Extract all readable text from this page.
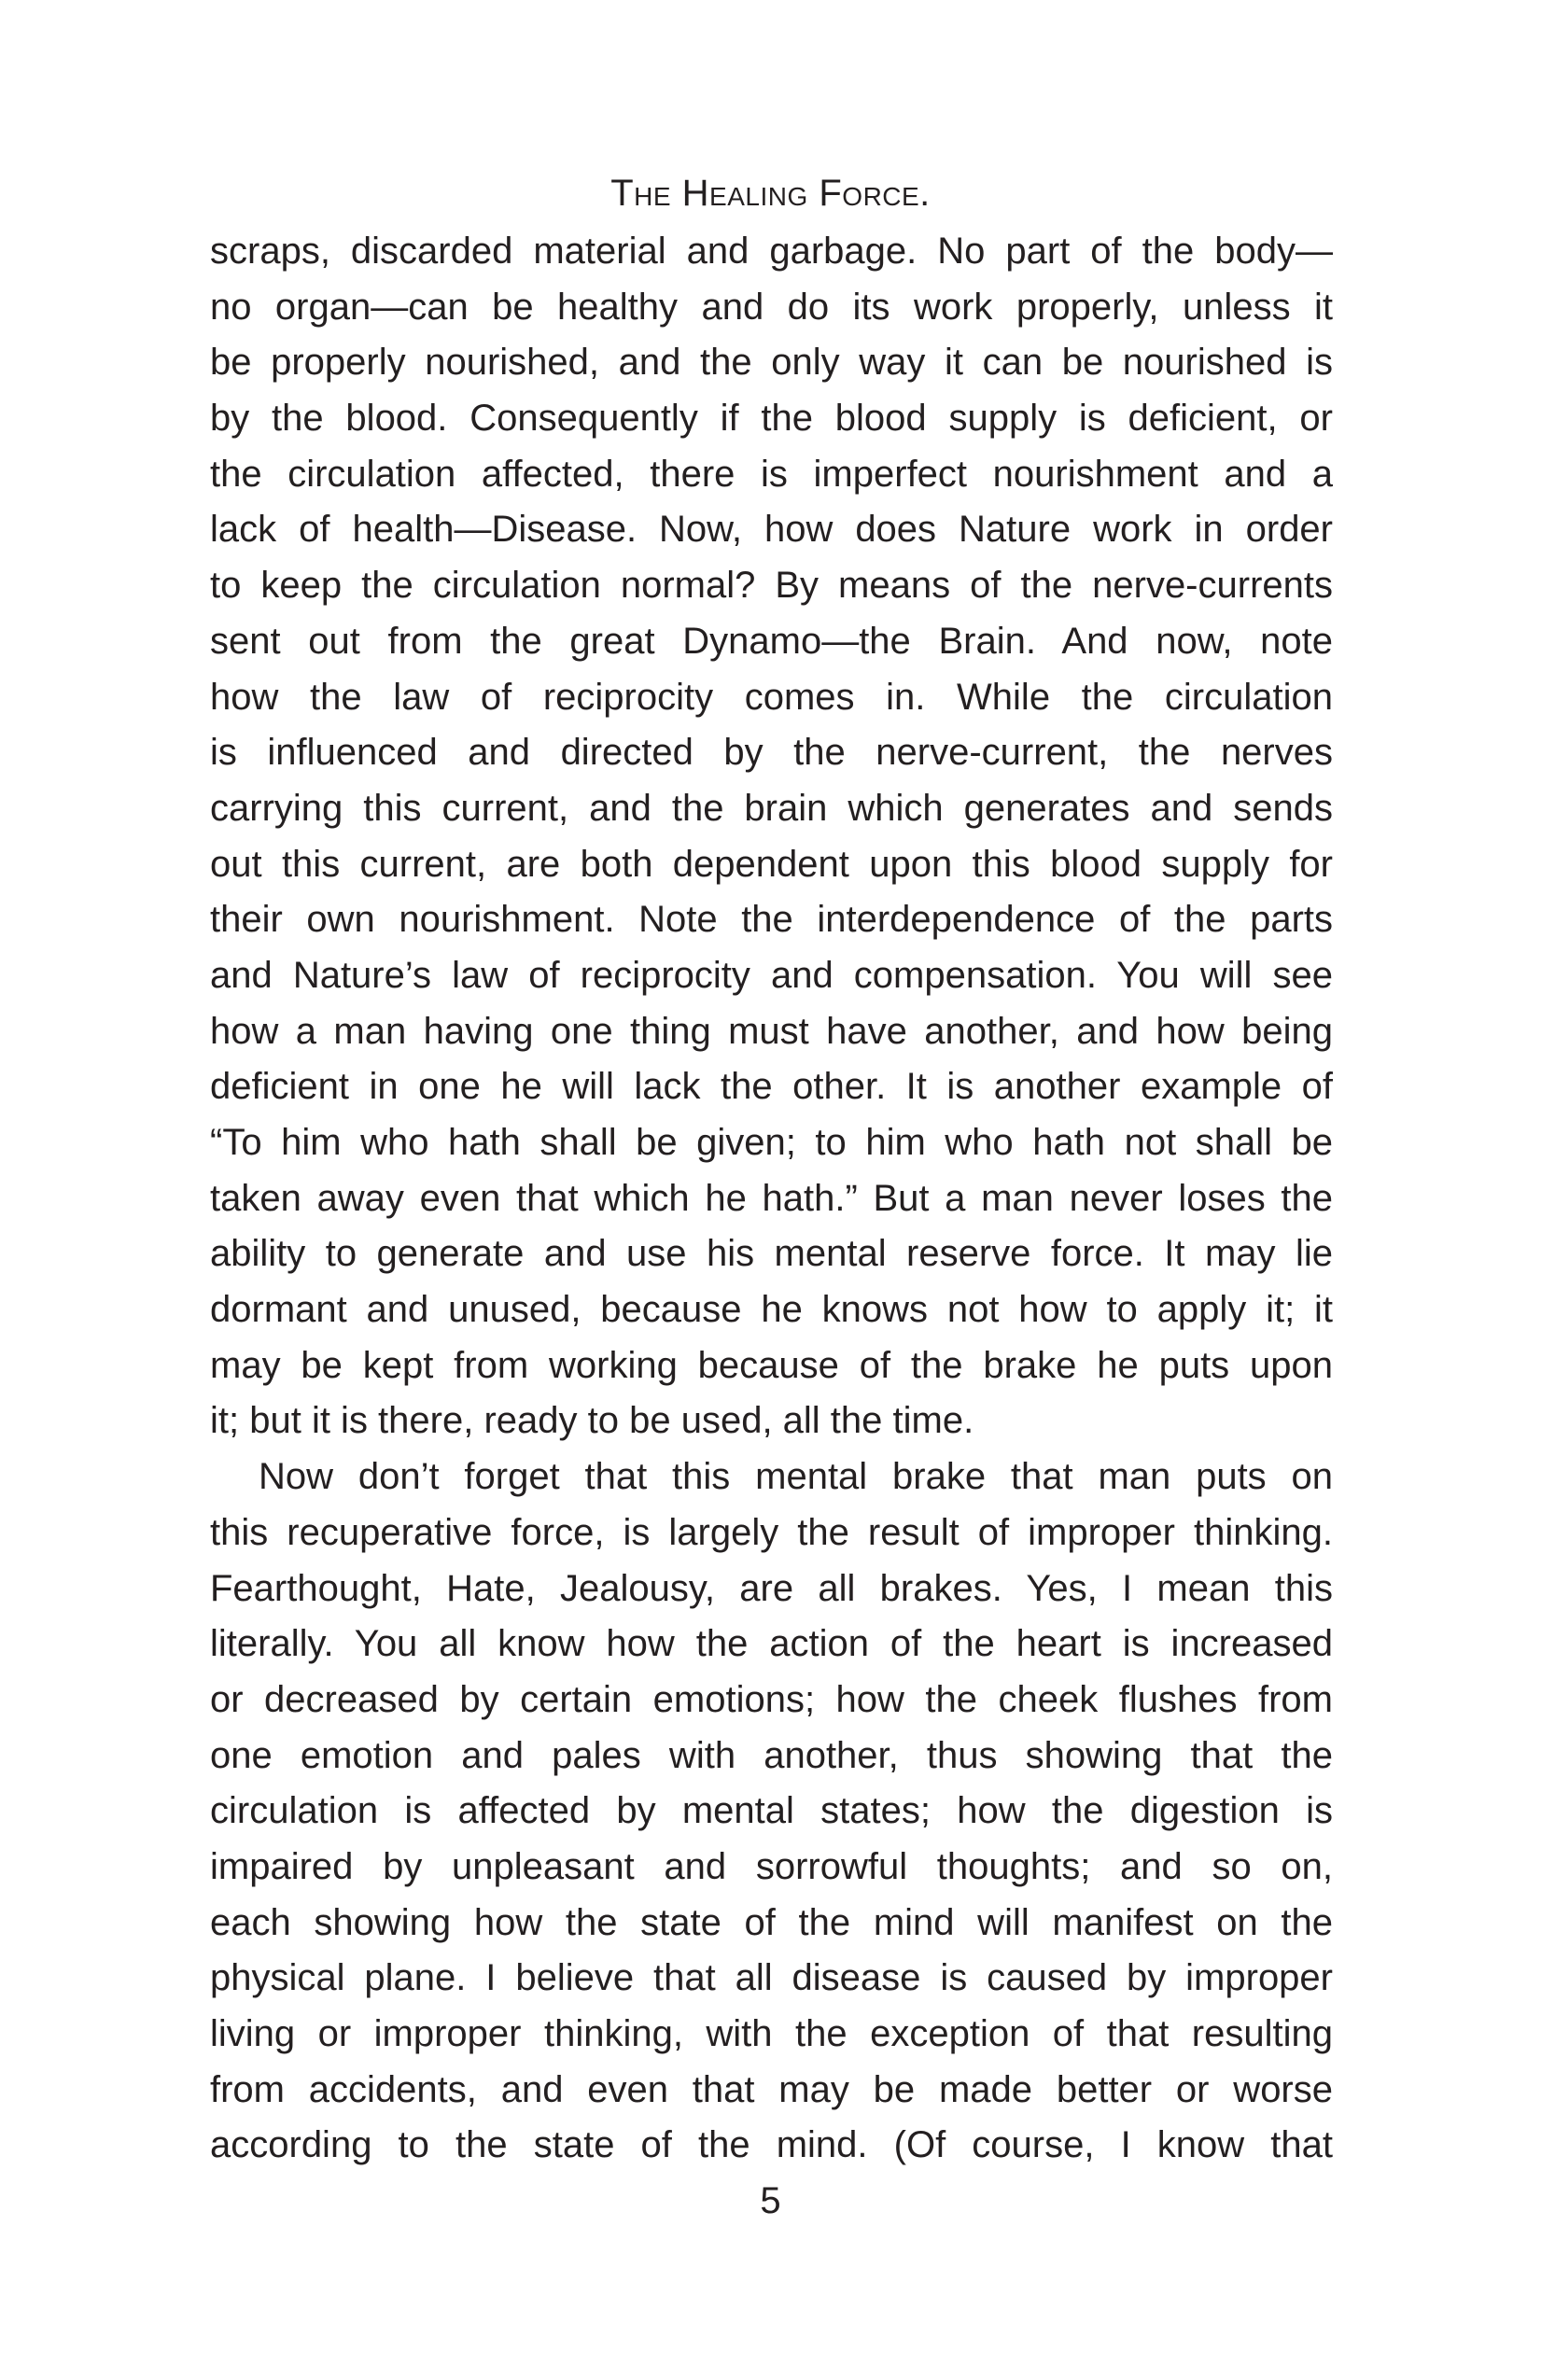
The Healing Force.
scraps, discarded material and garbage. No part of the body—
no organ—can be healthy and do its work properly, unless it
be properly nourished, and the only way it can be nourished is
by the blood. Consequently if the blood supply is deficient, or
the circulation affected, there is imperfect nourishment and a
lack of health—Disease. Now, how does Nature work in order
to keep the circulation normal? By means of the nerve-currents
sent out from the great Dynamo—the Brain. And now, note
how the law of reciprocity comes in. While the circulation
is influenced and directed by the nerve-current, the nerves
carrying this current, and the brain which generates and sends
out this current, are both dependent upon this blood supply for
their own nourishment. Note the interdependence of the parts
and Nature’s law of reciprocity and compensation. You will see
how a man having one thing must have another, and how being
deficient in one he will lack the other. It is another example of
“To him who hath shall be given; to him who hath not shall be
taken away even that which he hath.” But a man never loses the
ability to generate and use his mental reserve force. It may lie
dormant and unused, because he knows not how to apply it; it
may be kept from working because of the brake he puts upon
it; but it is there, ready to be used, all the time.
Now don’t forget that this mental brake that man puts on
this recuperative force, is largely the result of improper thinking.
Fearthought, Hate, Jealousy, are all brakes. Yes, I mean this
literally. You all know how the action of the heart is increased
or decreased by certain emotions; how the cheek flushes from
one emotion and pales with another, thus showing that the
circulation is affected by mental states; how the digestion is
impaired by unpleasant and sorrowful thoughts; and so on,
each showing how the state of the mind will manifest on the
physical plane. I believe that all disease is caused by improper
living or improper thinking, with the exception of that resulting
from accidents, and even that may be made better or worse
according to the state of the mind. (Of course, I know that
5
